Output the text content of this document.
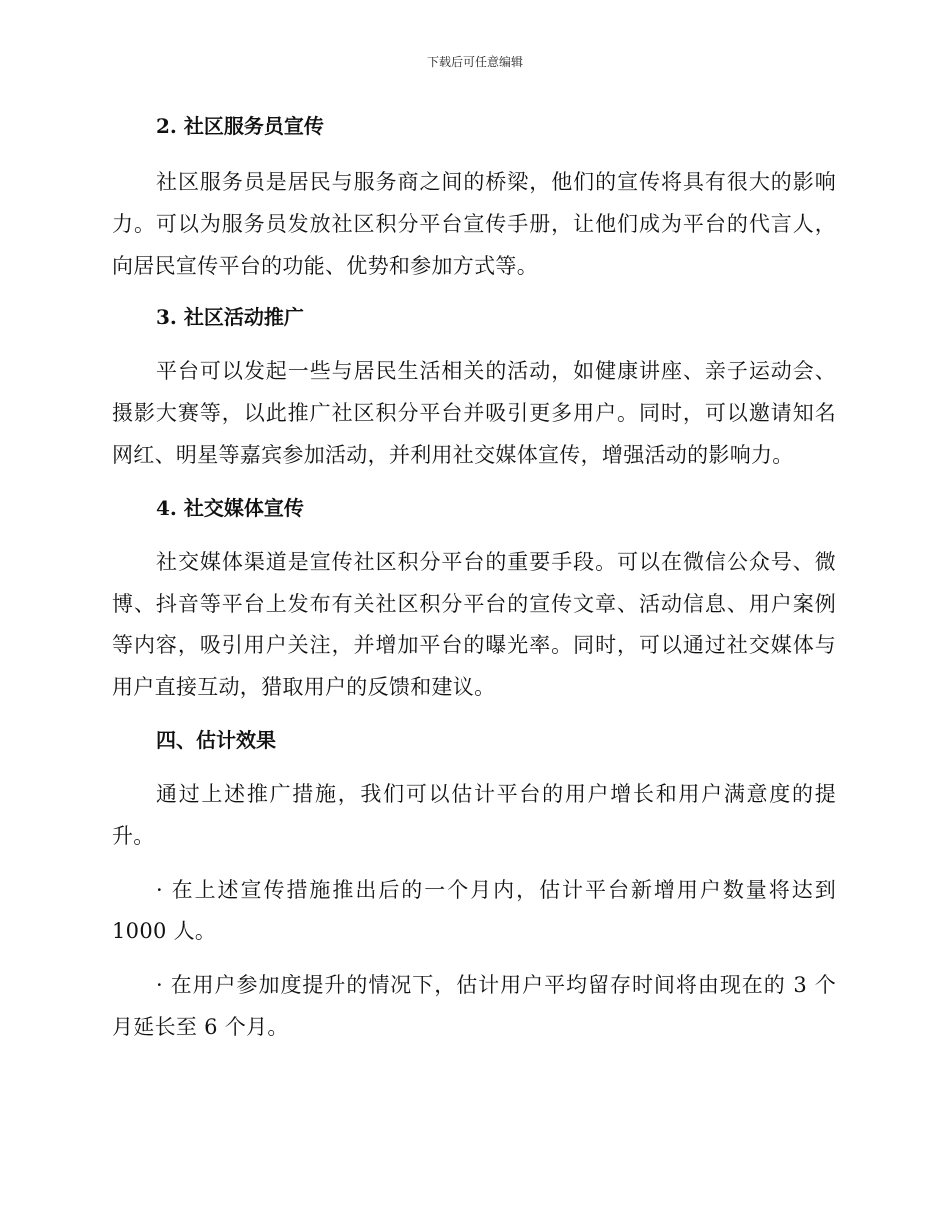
下载后可任意编辑
2. 社区服务员宣传

社区服务员是居民与服务商之间的桥梁，他们的宣传将具有很大的影响力。可以为服务员发放社区积分平台宣传手册，让他们成为平台的代言人，向居民宣传平台的功能、优势和参加方式等。

3. 社区活动推广

平台可以发起一些与居民生活相关的活动，如健康讲座、亲子运动会、摄影大赛等，以此推广社区积分平台并吸引更多用户。同时，可以邀请知名网红、明星等嘉宾参加活动，并利用社交媒体宣传，增强活动的影响力。

4. 社交媒体宣传

社交媒体渠道是宣传社区积分平台的重要手段。可以在微信公众号、微博、抖音等平台上发布有关社区积分平台的宣传文章、活动信息、用户案例等内容，吸引用户关注，并增加平台的曝光率。同时，可以通过社交媒体与用户直接互动，猎取用户的反馈和建议。

四、估计效果

通过上述推广措施，我们可以估计平台的用户增长和用户满意度的提升。

· 在上述宣传措施推出后的一个月内，估计平台新增用户数量将达到 1000 人。

· 在用户参加度提升的情况下，估计用户平均留存时间将由现在的 3 个月延长至 6 个月。
